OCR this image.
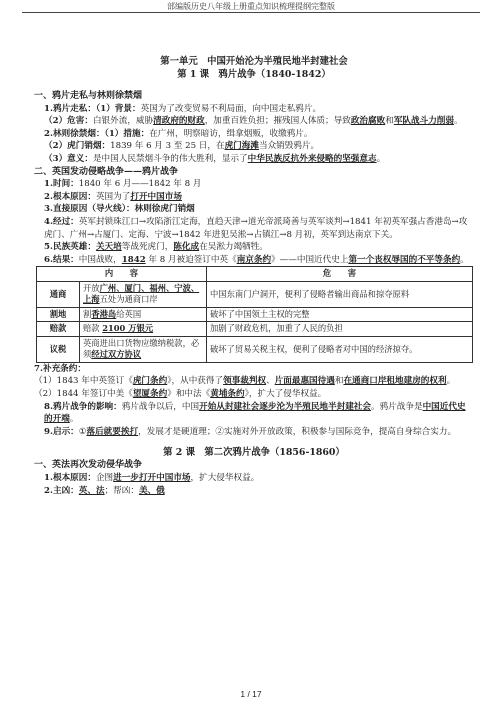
部编版历史八年级上册重点知识梳理提纲完整版

第一单元　中国开始沦为半殖民地半封建社会

第 1 课　鸦片战争（1840-1842）

一、鸦片走私与林则徐禁烟

1.鸦片走私：（1）背景：英国为了改变贸易不利局面，向中国走私鸦片。

（2）危害：白银外流，威胁清政府的财政，加重百姓负担；摧残国人体质；导致政治腐败和军队战斗力削弱。

2.林则徐禁烟：（1）措施：在广州，明察暗访，缉拿烟贩，收缴鸦片。

（2）虎门销烟：1839 年 6 月 3 至 25 日，在虎门海滩当众销毁鸦片。

（3）意义：是中国人民禁烟斗争的伟大胜利，显示了中华民族反抗外来侵略的坚强意志。

二、英国发动侵略战争——鸦片战争

1.时间：1840 年 6 月——1842 年 8 月

2.根本原因：英国为了打开中国市场

3.直接原因（导火线）：林则徐虎门销烟

4.经过：英军封锁珠江口→攻陷浙江定海，直趋天津→道光帝派琦善与英军谈判→1841 年初英军强占香港岛→攻虎门、广州→占厦门、定海、宁波→1842 年进犯吴淞→占镇江→8 月初，英军到达南京下关。

5.民族英雄：关天培等战死虎门，陈化成在吴淞力竭牺牲。

6.结果：中国战败，1842 年 8 月被迫签订中英《南京条约》——中国近代史上第一个丧权辱国的不平等条约。

内　　容		危　　害
通商	开放广州、厦门、福州、宁波、上海五处为通商口岸	中国东南门户洞开，便利了侵略者输出商品和掠夺原料
割地	割香港岛给英国	破坏了中国领土主权的完整
赔款	赔款 2100 万银元	加剧了财政危机，加重了人民的负担
议税	英商进出口货物应缴纳税款，必须经过双方协议	破坏了贸易关税主权，便利了侵略者对中国的经济掠夺。

7.补充条约：

（1）1843 年中英签订《虎门条约》，从中获得了领事裁判权、片面最惠国待遇和在通商口岸租地建房的权利。

（2）1844 年签订中美《望厦条约》和中法《黄埔条约》，扩大了侵华权益。

8.鸦片战争的影响：鸦片战争以后，中国开始从封建社会逐步沦为半殖民地半封建社会。鸦片战争是中国近代史的开端。

9.启示：①落后就要挨打，发展才是硬道理；②实施对外开放政策，积极参与国际竞争，提高自身综合实力。

第 2 课　第二次鸦片战争（1856-1860）

一、英法再次发动侵华战争

1.根本原因：企图进一步打开中国市场，扩大侵华权益。

2.主凶：英、法；帮凶：美、俄

1 / 17
